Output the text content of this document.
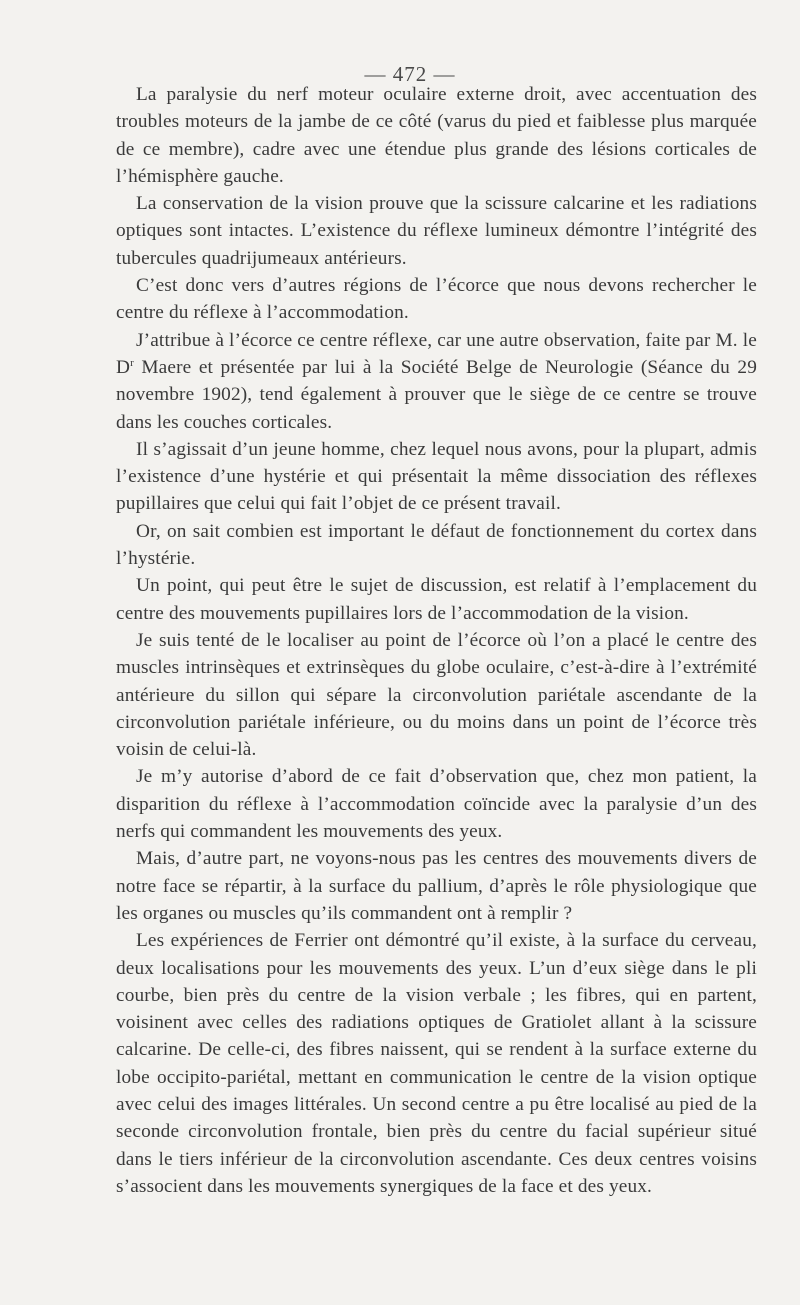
— 472 —

La paralysie du nerf moteur oculaire externe droit, avec accentuation des troubles moteurs de la jambe de ce côté (varus du pied et faiblesse plus marquée de ce membre), cadre avec une étendue plus grande des lésions corticales de l’hémisphère gauche.

La conservation de la vision prouve que la scissure calcarine et les radiations optiques sont intactes. L’existence du réflexe lumineux démontre l’intégrité des tubercules quadrijumeaux antérieurs.

C’est donc vers d’autres régions de l’écorce que nous devons rechercher le centre du réflexe à l’accommodation.

J’attribue à l’écorce ce centre réflexe, car une autre observation, faite par M. le $D^r$ Maere et présentée par lui à la Société Belge de Neurologie (Séance du 29 novembre 1902), tend également à prouver que le siège de ce centre se trouve dans les couches corticales.

Il s’agissait d’un jeune homme, chez lequel nous avons, pour la plupart, admis l’existence d’une hystérie et qui présentait la même dissociation des réflexes pupillaires que celui qui fait l’objet de ce présent travail.

Or, on sait combien est important le défaut de fonctionnement du cortex dans l’hystérie.

Un point, qui peut être le sujet de discussion, est relatif à l’emplacement du centre des mouvements pupillaires lors de l’accommodation de la vision.

Je suis tenté de le localiser au point de l’écorce où l’on a placé le centre des muscles intrinsèques et extrinsèques du globe oculaire, c’est-à-dire à l’extrémité antérieure du sillon qui sépare la circonvolution pariétale ascendante de la circonvolution pariétale inférieure, ou du moins dans un point de l’écorce très voisin de celui-là.

Je m’y autorise d’abord de ce fait d’observation que, chez mon patient, la disparition du réflexe à l’accommodation coïncide avec la paralysie d’un des nerfs qui commandent les mouvements des yeux.

Mais, d’autre part, ne voyons-nous pas les centres des mouvements divers de notre face se répartir, à la surface du pallium, d’après le rôle physiologique que les organes ou muscles qu’ils commandent ont à remplir ?

Les expériences de Ferrier ont démontré qu’il existe, à la surface du cerveau, deux localisations pour les mouvements des yeux. L’un d’eux siège dans le pli courbe, bien près du centre de la vision verbale ; les fibres, qui en partent, voisinent avec celles des radiations optiques de Gratiolet allant à la scissure calcarine. De celle-ci, des fibres naissent, qui se rendent à la surface externe du lobe occipito-pariétal, mettant en communication le centre de la vision optique avec celui des images littérales. Un second centre a pu être localisé au pied de la seconde circonvolution frontale, bien près du centre du facial supérieur situé dans le tiers inférieur de la circonvolution ascendante. Ces deux centres voisins s’associent dans les mouvements synergiques de la face et des yeux.
